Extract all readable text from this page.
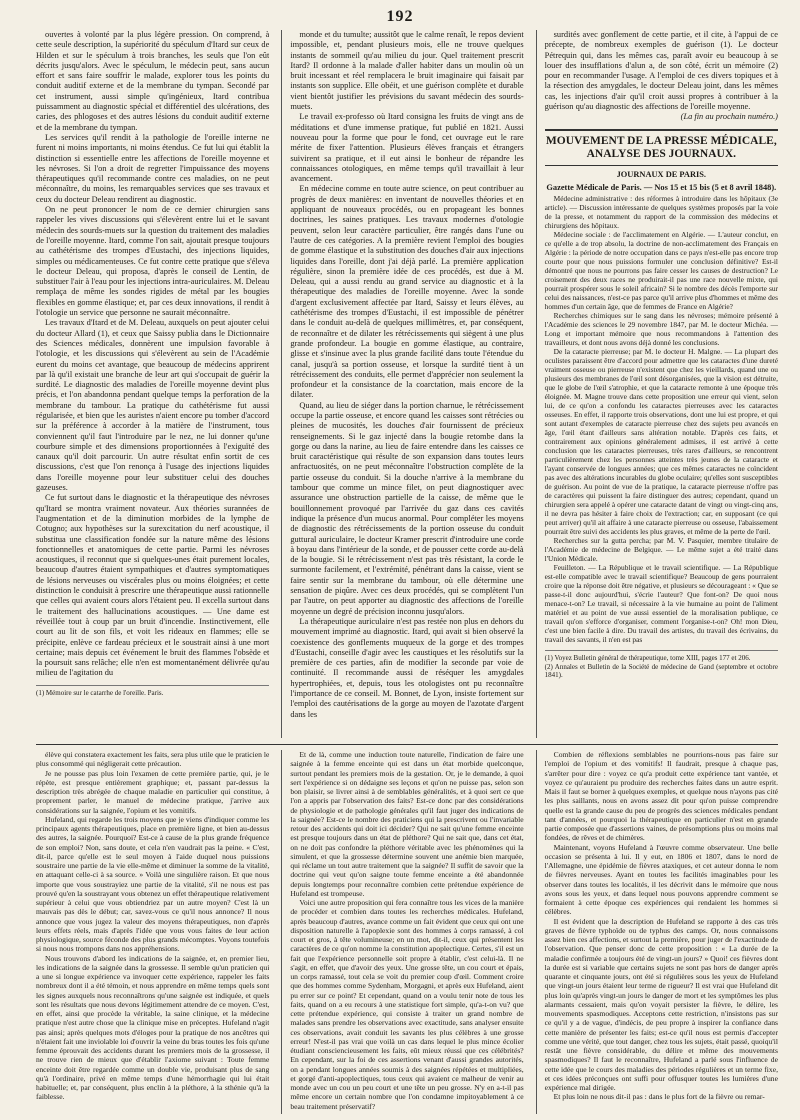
192

ouvertes à volonté par la plus légère pression. On comprend, à cette seule description, la supériorité du spéculum d'Itard sur ceux de Hilden et sur le spéculum à trois branches, les seuls que l'on eût décrits jusqu'alors. Avec le spéculum, le médecin peut, sans aucun effort et sans faire souffrir le malade, explorer tous les points du conduit auditif externe et de la membrane du tympan. Secondé par cet instrument, aussi simple qu'ingénieux, Itard contribua puissamment au diagnostic spécial et différentiel des ulcérations, des caries, des phlogoses et des autres lésions du conduit auditif externe et de la membrane du tympan.

Les services qu'il rendit à la pathologie de l'oreille interne ne furent ni moins importants, ni moins étendus. Ce fut lui qui établit la distinction si essentielle entre les affections de l'oreille moyenne et les névroses. Si l'on a droit de regretter l'impuissance des moyens thérapeutiques qu'il recommande contre ces maladies, on ne peut méconnaître, du moins, les remarquables services que ses travaux et ceux du docteur Deleau rendirent au diagnostic.

On ne peut prononcer le nom de ce dernier chirurgien sans rappeler les vives discussions qui s'élevèrent entre lui et le savant médecin des sourds-muets sur la question du traitement des maladies de l'oreille moyenne. Itard, comme l'on sait, ajoutait presque toujours au cathétérisme des trompes d'Eustachi, des injections liquides, simples ou médicamenteuses. Ce fut contre cette pratique que s'éleva le docteur Deleau, qui proposa, d'après le conseil de Lentin, de substituer l'air à l'eau pour les injections intra-auriculaires. M. Deleau remplaça de même les sondes rigides de métal par les bougies flexibles en gomme élastique; et, par ces deux innovations, il rendit à l'otologie un service que personne ne saurait méconnaître.

Les travaux d'Itard et de M. Deleau, auxquels on peut ajouter celui du docteur Allard (1), et ceux que Saissy publia dans le Dictionnaire des Sciences médicales, donnèrent une impulsion favorable à l'otologie, et les discussions qui s'élevèrent au sein de l'Académie eurent du moins cet avantage, que beaucoup de médecins apprirent par là qu'il existait une branche de leur art qui s'occupait de guérir la surdité. Le diagnostic des maladies de l'oreille moyenne devint plus précis, et l'on abandonna pendant quelque temps la perforation de la membrane du tambour. La pratique du cathétérisme fut aussi régularisée, et bien que les auristes n'aient encore pu tomber d'accord sur la préférence à accorder à la matière de l'instrument, tous conviennent qu'il faut l'introduire par le nez, ne lui donner qu'une courbure simple et des dimensions proportionnées à l'exiguïté des canaux qu'il doit parcourir. Un autre résultat enfin sortit de ces discussions, c'est que l'on renonça à l'usage des injections liquides dans l'oreille moyenne pour leur substituer celui des douches gazeuses.

Ce fut surtout dans le diagnostic et la thérapeutique des névroses qu'Itard se montra vraiment novateur. Aux théories surannées de l'augmentation et de la diminution morbides de la lymphe de Cotugno; aux hypothèses sur la surexcitation du nerf acoustique, il substitua une classification fondée sur la nature même des lésions fonctionnelles et anatomiques de cette partie. Parmi les névroses acoustiques, il reconnut que si quelques-unes était purement locales, beaucoup d'autres étaient sympathiques et d'autres symptomatiques de lésions nerveuses ou viscérales plus ou moins éloignées; et cette distinction le conduisit à prescrire une thérapeutique aussi rationnelle que celles qui avaient cours alors l'étaient peu. Il excella surtout dans le traitement des hallucinations acoustiques. — Une dame est réveillée tout à coup par un bruit d'incendie. Instinctivement, elle court au lit de son fils, et voit les rideaux en flammes; elle se précipite, enlève ce fardeau précieux et le soustrait ainsi à une mort certaine; mais depuis cet événement le bruit des flammes l'obsède et la poursuit sans relâche; elle n'en est momentanément délivrée qu'au milieu de l'agitation du

(1) Mémoire sur le catarrhe de l'oreille. Paris.

monde et du tumulte; aussitôt que le calme renaît, le repos devient impossible, et, pendant plusieurs mois, elle ne trouve quelques instants de sommeil qu'au milieu du jour. Quel traitement prescrit Itard? Il ordonne à la malade d'aller habiter dans un moulin où un bruit incessant et réel remplacera le bruit imaginaire qui faisait par instants son supplice. Elle obéit, et une guérison complète et durable vient bientôt justifier les prévisions du savant médecin des sourds-muets.

Le travail ex-professo où Itard consigna les fruits de vingt ans de méditations et d'une immense pratique, fut publié en 1821. Aussi nouveau pour la forme que pour le fond, cet ouvrage eut le rare mérite de fixer l'attention. Plusieurs élèves français et étrangers suivirent sa pratique, et il eut ainsi le bonheur de répandre les connaissances otologiques, en même temps qu'il travaillait à leur avancement.

En médecine comme en toute autre science, on peut contribuer au progrès de deux manières: en inventant de nouvelles théories et en appliquant de nouveaux procédés, ou en propageant les bonnes doctrines, les saines pratiques. Les travaux modernes d'otologie peuvent, selon leur caractère particulier, être rangés dans l'une ou l'autre de ces catégories. A la première revient l'emploi des bougies de gomme élastique et la substitution des douches d'air aux injections liquides dans l'oreille, dont j'ai déjà parlé. La première application régulière, sinon la première idée de ces procédés, est due à M. Deleau, qui a aussi rendu au grand service au diagnostic et à la thérapeutique des maladies de l'oreille moyenne. Avec la sonde d'argent exclusivement affectée par Itard, Saissy et leurs élèves, au cathétérisme des trompes d'Eustachi, il est impossible de pénétrer dans le conduit au-delà de quelques millimètres, et, par conséquent, de reconnaître et de dilater les rétrécissements qui siègent à une plus grande profondeur. La bougie en gomme élastique, au contraire, glisse et s'insinue avec la plus grande facilité dans toute l'étendue du canal, jusqu'à sa portion osseuse, et lorsque la surdité tient à un rétrécissement des conduits, elle permet d'apprécier non seulement la profondeur et la consistance de la coarctation, mais encore de la dilater.

Quand, au lieu de siéger dans la portion charnue, le rétrécissement occupe la partie osseuse, et encore quand les caisses sont rétrécies ou pleines de mucosités, les douches d'air fournissent de précieux renseignements. Si le gaz injecté dans la bougie retombe dans la gorge ou dans la narine, au lieu de faire entendre dans les caisses ce bruit caractéristique qui résulte de son expansion dans toutes leurs anfractuosités, on ne peut méconnaître l'obstruction complète de la partie osseuse du conduit. Si la douche n'arrive à la membrane du tambour que comme un mince filet, on peut diagnostiquer avec assurance une obstruction partielle de la caisse, de même que le bouillonnement provoqué par l'arrivée du gaz dans ces cavités indique la présence d'un mucus anormal. Pour compléter les moyens de diagnostic des rétrécissements de la portion osseuse du conduit guttural auriculaire, le docteur Kramer prescrit d'introduire une corde à boyau dans l'intérieur de la sonde, et de pousser cette corde au-delà de la bougie. Si le rétrécissement n'est pas très résistant, la corde le surmonte facilement, et l'extrémité, pénétrant dans la caisse, vient se faire sentir sur la membrane du tambour, où elle détermine une sensation de piqûre. Avec ces deux procédés, qui se complètent l'un par l'autre, on peut apporter au diagnostic des affections de l'oreille moyenne un degré de précision inconnu jusqu'alors.

La thérapeutique auriculaire n'est pas restée non plus en dehors du mouvement imprimé au diagnostic. Itard, qui avait si bien observé la coexistence des gonflements muqueux de la gorge et des trompes d'Eustachi, conseille d'agir avec les caustiques et les résolutifs sur la première de ces parties, afin de modifier la seconde par voie de continuité. Il recommande aussi de réséquer les amygdales hypertrophiées, et, depuis, tous les otologistes ont pu reconnaître l'importance de ce conseil. M. Bonnet, de Lyon, insiste fortement sur l'emploi des cautérisations de la gorge au moyen de l'azotate d'argent dans les

surdités avec gonflement de cette partie, et il cite, à l'appui de ce précepte, de nombreux exemples de guérison (1). Le docteur Pétrequin qui, dans les mêmes cas, paraît avoir eu beaucoup à se louer des insufflations d'alun a, de son côté, écrit un mémoire (2) pour en recommander l'usage. A l'emploi de ces divers topiques et à la résection des amygdales, le docteur Deleau joint, dans les mêmes cas, les injections d'air qu'il croit aussi propres à contribuer à la guérison qu'au diagnostic des affections de l'oreille moyenne.

(La fin au prochain numéro.)
MOUVEMENT DE LA PRESSE MÉDICALE, ANALYSE DES JOURNAUX.
JOURNAUX DE PARIS.
Gazette Médicale de Paris. — Nos 15 et 15 bis (5 et 8 avril 1848).

Médecine administrative : des réformes à introduire dans les hôpitaux (3e article). — Discussion intéressante de quelques systèmes proposés par la voie de la presse, et notamment du rapport de la commission des médecins et chirurgiens des hôpitaux.

Médecine sociale : de l'acclimatement en Algérie. — L'auteur conclut, en ce qu'elle a de trop absolu, la doctrine de non-acclimatement des Français en Algérie : la période de notre occupation dans ce pays n'est-elle pas encore trop courte pour que nous puissions formuler une conclusion définitive? Est-il démontré que nous ne pourrons pas faire cesser les causes de destruction? Le croisement des deux races ne produirait-il pas une race nouvelle mixte, qui pourrait prospérer sous le soleil africain? Si le nombre des décès l'emporte sur celui des naissances, n'est-ce pas parce qu'il arrive plus d'hommes et même des hommes d'un certain âge, que de femmes de France en Algérie?

Recherches chimiques sur le sang dans les névroses; mémoire présenté à l'Académie des sciences le 29 novembre 1847, par M. le docteur Michéa. — Long et important mémoire que nous recommandons à l'attention des travailleurs, et dont nous avons déjà donné les conclusions.

De la cataracte pierreuse; par M. le docteur H. Malgne. — La plupart des oculistes paraissent être d'accord pour admettre que les cataractes d'une dureté vraiment osseuse ou pierreuse n'existent que chez les vieillards, quand une ou plusieurs des membranes de l'œil sont désorganisées, que la vision est détruite, que le globe de l'œil s'atrophie, et que la cataracte remonte à une époque très éloignée. M. Magne trouve dans cette proposition une erreur qui vient, selon lui, de ce qu'on a confondu les cataractes pierreuses avec les cataractes osseuses. En effet, il rapporte trois observations, dont une lui est propre, et qui sont autant d'exemples de cataracte pierreuse chez des sujets peu avancés en âge, l'œil étant d'ailleurs sans altération notable. D'après ces faits, et contrairement aux opinions généralement admises, il est arrivé à cette conclusion que les cataractes pierreuses, très rares d'ailleurs, se rencontrent particulièrement chez les personnes atteintes très jeunes de la cataracte et l'ayant conservée de longues années; que ces mêmes cataractes ne coïncident pas avec des altérations incurables du globe oculaire; qu'elles sont susceptibles de guérison. Au point de vue de la pratique, la cataracte pierreuse n'offre pas de caractères qui puissent la faire distinguer des autres; cependant, quand un chirurgien sera appelé à opérer une cataracte datant de vingt ou vingt-cinq ans, il ne devra pas hésiter à faire choix de l'extraction; car, en supposant (ce qui peut arriver) qu'il ait affaire à une cataracte pierreuse ou osseuse, l'abaissement pourrait être suivi des accidents les plus graves, et même de la perte de l'œil.

Recherches sur la gutta percha; par M. V. Pasquier, membre titulaire de l'Académie de médecine de Belgique. — Le même sujet a été traité dans l'Union Médicale.

Feuilleton. — La République et le travail scientifique. — La République est-elle compatible avec le travail scientifique? Beaucoup de gens pourraient croire que la réponse doit être négative, et plusieurs se décourageant : « Que se passe-t-il donc aujourd'hui, s'écrie l'auteur? Que font-on? De quoi nous menace-t-on? Le travail, si nécessaire à la vie humaine au point de l'aliment matériel et au point de vue aussi essentiel de la moralisation publique, ce travail qu'on s'efforce d'organiser, comment l'organise-t-on? Oh! mon Dieu, c'est une bien facile à dire. Du travail des artistes, du travail des écrivains, du travail des savants, il n'en est pas

(1) Voyez Bulletin général de thérapeutique, tome XIII, pages 177 et 206.
(2) Annales et Bulletin de la Société de médecine de Gand (septembre et octobre 1841).

élève qui constatera exactement les faits, sera plus utile que le praticien le plus consommé qui négligerait cette précaution.

Je ne pousse pas plus loin l'examen de cette première partie, qui, je le répète, est presque entièrement graphique; et, passant par-dessus la description très abrégée de chaque maladie en particulier qui constitue, à proprement parler, le manuel de médecine pratique, j'arrive aux considérations sur la saignée, l'opium et les vomitifs.

Hufeland, qui regarde les trois moyens que je viens d'indiquer comme les principaux agents thérapeutiques, place en première ligne, et bien au-dessus des autres, la saignée. Pourquoi? Est-ce à cause de la plus grande fréquence de son emploi? Non, sans doute, et cela n'en vaudrait pas la peine. « C'est, dit-il, parce qu'elle est le seul moyen à l'aide duquel nous puissions soustraire une partie de la vie elle-même et diminuer la somme de la vitalité, en attaquant celle-ci à sa source. » Voilà une singulière raison. Et que nous importe que vous soustrayiez une partie de la vitalité, s'il ne nous est pas prouvé qu'en la soustrayant vous obtenez un effet thérapeutique relativement supérieur à celui que vous obtiendriez par un autre moyen? C'est là un mauvais pas dès le début; car, savez-vous ce qu'il nous annonce? Il nous annonce que vous jugez la valeur des moyens thérapeutiques, non d'après leurs effets réels, mais d'après l'idée que vous vous faites de leur action physiologique, source féconde des plus grands mécomptes. Voyons toutefois si nous nous trompons dans nos appréhensions.

Nous trouvons d'abord les indications de la saignée, et, en premier lieu, les indications de la saignée dans la grossesse. Il semble qu'un praticien qui a une si longue expérience va invoquer cette expérience, rappeler les faits nombreux dont il a été témoin, et nous apprendre en même temps quels sont les signes auxquels nous reconnaîtrons qu'une saignée est indiquée, et quels sont les résultats que nous devons légitimement attendre de ce moyen. C'est, en effet, ainsi que procède la véritable, la saine clinique, et la médecine pratique n'est autre chose que la clinique mise en préceptes. Hufeland n'agit pas ainsi; après quelques mots d'éloges pour la pratique de nos ancêtres qui n'étaient fait une inviolable loi d'ouvrir la veine du bras toutes les fois qu'une femme éprouvait des accidents durant les premiers mois de la grossesse, il ne trouve rien de mieux que d'établir l'axiome suivant : Toute femme enceinte doit être regardée comme un double vie, produisant plus de sang qu'à l'ordinaire, privé en même temps d'une hémorrhagie qui lui était habituelle; et, par conséquent, plus enclin à la pléthore, à la sthénie qu'à la faiblesse.

Et de là, comme une induction toute naturelle, l'indication de faire une saignée à la femme enceinte qui est dans un état morbide quelconque, surtout pendant les premiers mois de la gestation. Or, je le demande, à quoi sert l'expérience si on dédaigne ses leçons et qu'on ne puisse pas, selon son bon plaisir, se livrer ainsi à de semblables généralités, et à quoi sert ce que l'on a appris par l'observation des faits? Est-ce donc par des considérations de physiologie et de pathologie générales qu'il faut juger des indications de la saignée? Est-ce le nombre des praticiens qui la prescrivent ou l'invariable retour des accidents qui doit ici décider? Qui ne sait qu'une femme enceinte est presque toujours dans un état de pléthore? Qui ne sait que, dans cet état, on ne doit pas confondre la pléthore véritable avec les phénomènes qui la simulent, et que la grossesse détermine souvent une anémie bien marquée, qui réclame un tout autre traitement que la saignée? Il suffit de savoir que la doctrine qui veut qu'on saigne toute femme enceinte a été abandonnée depuis longtemps pour reconnaître combien cette prétendue expérience de Hufeland est trompeuse.

Voici une autre proposition qui fera connaître tous les vices de la manière de procéder et combien dans toutes les recherches médicales. Hufeland, après beaucoup d'autres, avance comme un fait évident que ceux qui ont une disposition naturelle à l'apoplexie sont des hommes à corps ramassé, à col court et gros, à tête volumineuse; en un mot, dit-il, ceux qui présentent les caractères de ce qu'on nomme la constitution apoplectique. Certes, s'il est un fait que l'expérience personnelle soit propre à établir, c'est celui-là. Il ne s'agit, en effet, que d'avoir des yeux. Une grosse tête, un cou court et épais, un corps ramassé, tout cela se voit du premier coup d'œil. Comment croire que des hommes comme Sydenham, Morgagni, et après eux Hufeland, aient pu errer sur ce point? Et cependant, quand on a voulu tenir note de tous les faits, quand on a eu recours à une statistique fort simple, qu'a-t-on vu? que cette prétendue expérience, qui consiste à traiter un grand nombre de malades sans prendre les observations avec exactitude, sans analyser ensuite ces observations, avait conduit les savants les plus célèbres à une grosse erreur! N'est-il pas vrai que voilà un cas dans lequel le plus mince écolier étudiant consciencieusement les faits, eût mieux réussi que ces célébrités? En cependant, sur la foi de ces assertions venant d'aussi grandes autorités, on a pendant longues années soumis à des saignées répétées et multipliées, et gorgé d'anti-apoplectiques, tous ceux qui avaient ce malheur de venir au monde avec un cou un peu court et une tête un peu grosse. N'y en a-t-il pas même encore un certain nombre que l'on condamne impitoyablement à ce beau traitement préservatif?

Combien de réflexions semblables ne pourrions-nous pas faire sur l'emploi de l'opium et des vomitifs! Il faudrait, presque à chaque pas, s'arrêter pour dire : voyez ce qu'a produit cette expérience tant vantée, et voyez ce qu'auraient pu produire des recherches faites dans un autre esprit. Mais il faut se borner à quelques exemples, et quelque nous n'ayons pas cité les plus saillants, nous en avons assez dit pour qu'on puisse comprendre quelle est la grande cause du peu de progrès des sciences médicales pendant tant d'années, et pourquoi la thérapeutique en particulier n'est en grande partie composée que d'assertions vaines, de présomptions plus ou moins mal fondées, de rêves et de chimères.

Maintenant, voyons Hufeland à l'œuvre comme observateur. Une belle occasion se présenta à lui. Il y eut, en 1806 et 1807, dans le nord de l'Allemagne, une épidémie de fièvres ataxiques, et cet auteur donna le nom de fièvres nerveuses. Ayant en toutes les facilités imaginables pour les observer dans toutes les localités, il les décrivit dans le mémoire que nous avons sous les yeux, et dans lequel nous pouvons apprendre comment se formaient à cette époque ces expériences qui rendaient les hommes si célèbres.

Il est évident que la description de Hufeland se rapporte à des cas très graves de fièvre typhoïde ou de typhus des camps. Or, nous connaissons assez bien ces affections, et surtout la première, pour juger de l'exactitude de l'observation. Que penser donc de cette proposition : « La durée de la maladie confirmée a toujours été de vingt-un jours? » Quoi! ces fièvres dont la durée est si variable que certains sujets ne sont pas hors de danger après quarante et cinquante jours, ont été si régulières sous les yeux de Hufeland que vingt-un jours étaient leur terme de rigueur? Il est vrai que Hufeland dit plus loin qu'après vingt-un jours le danger de mort et les symptômes les plus alarmants cessaient, mais qu'on voyait persister la fièvre, le délire, les mouvements spasmodiques. Acceptons cette restriction, n'insistons pas sur ce qu'il y a de vague, d'indécis, de peu propre à inspirer la confiance dans cette manière de présenter les faits; est-ce qu'il nous est permis d'accepter comme une vérité, que tout danger, chez tous les sujets, était passé, quoiqu'il restât une fièvre considérable, du délire et même des mouvements spasmodiques? Il faut le reconnaître, Hufeland a parlé sous l'influence de cette idée que le cours des maladies des périodes régulières et un terme fixe, et ces idées préconçues ont suffi pour offusquer toutes les lumières d'une expérience mal dirigée.

Et plus loin ne nous dit-il pas : dans le plus fort de la fièvre ou remar-
